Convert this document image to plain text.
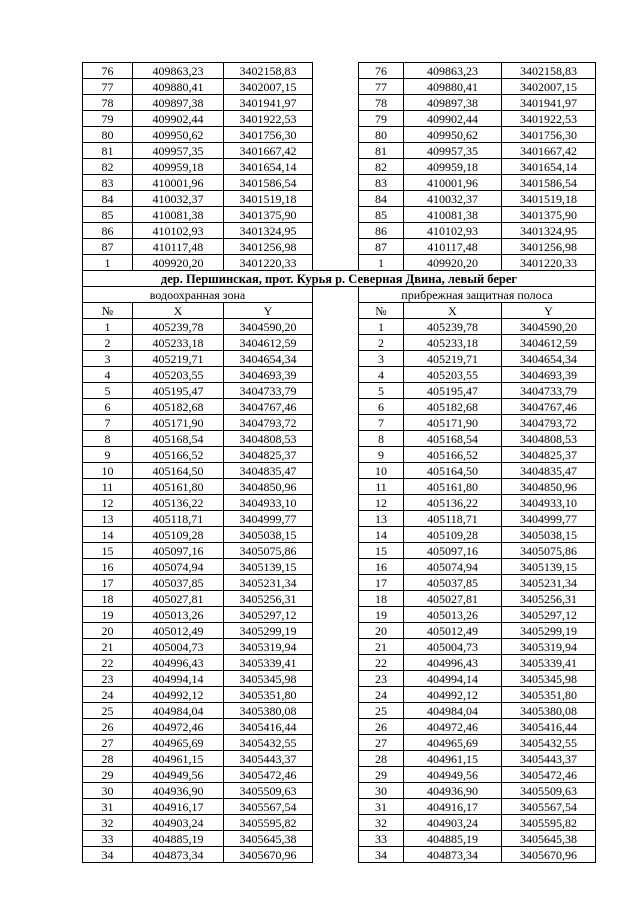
76	409863,23	3402158,83		76	409863,23	3402158,83
77	409880,41	3402007,15		77	409880,41	3402007,15
78	409897,38	3401941,97		78	409897,38	3401941,97
79	409902,44	3401922,53		79	409902,44	3401922,53
80	409950,62	3401756,30		80	409950,62	3401756,30
81	409957,35	3401667,42		81	409957,35	3401667,42
82	409959,18	3401654,14		82	409959,18	3401654,14
83	410001,96	3401586,54		83	410001,96	3401586,54
84	410032,37	3401519,18		84	410032,37	3401519,18
85	410081,38	3401375,90		85	410081,38	3401375,90
86	410102,93	3401324,95		86	410102,93	3401324,95
87	410117,48	3401256,98		87	410117,48	3401256,98
1	409920,20	3401220,33		1	409920,20	3401220,33
дер. Першинская, прот. Курья р. Северная Двина, левый берег						
водоохранная зона				прибрежная защитная полоса		
№	X	Y		№	X	Y
1	405239,78	3404590,20		1	405239,78	3404590,20
2	405233,18	3404612,59		2	405233,18	3404612,59
3	405219,71	3404654,34		3	405219,71	3404654,34
4	405203,55	3404693,39		4	405203,55	3404693,39
5	405195,47	3404733,79		5	405195,47	3404733,79
6	405182,68	3404767,46		6	405182,68	3404767,46
7	405171,90	3404793,72		7	405171,90	3404793,72
8	405168,54	3404808,53		8	405168,54	3404808,53
9	405166,52	3404825,37		9	405166,52	3404825,37
10	405164,50	3404835,47		10	405164,50	3404835,47
11	405161,80	3404850,96		11	405161,80	3404850,96
12	405136,22	3404933,10		12	405136,22	3404933,10
13	405118,71	3404999,77		13	405118,71	3404999,77
14	405109,28	3405038,15		14	405109,28	3405038,15
15	405097,16	3405075,86		15	405097,16	3405075,86
16	405074,94	3405139,15		16	405074,94	3405139,15
17	405037,85	3405231,34		17	405037,85	3405231,34
18	405027,81	3405256,31		18	405027,81	3405256,31
19	405013,26	3405297,12		19	405013,26	3405297,12
20	405012,49	3405299,19		20	405012,49	3405299,19
21	405004,73	3405319,94		21	405004,73	3405319,94
22	404996,43	3405339,41		22	404996,43	3405339,41
23	404994,14	3405345,98		23	404994,14	3405345,98
24	404992,12	3405351,80		24	404992,12	3405351,80
25	404984,04	3405380,08		25	404984,04	3405380,08
26	404972,46	3405416,44		26	404972,46	3405416,44
27	404965,69	3405432,55		27	404965,69	3405432,55
28	404961,15	3405443,37		28	404961,15	3405443,37
29	404949,56	3405472,46		29	404949,56	3405472,46
30	404936,90	3405509,63		30	404936,90	3405509,63
31	404916,17	3405567,54		31	404916,17	3405567,54
32	404903,24	3405595,82		32	404903,24	3405595,82
33	404885,19	3405645,38		33	404885,19	3405645,38
34	404873,34	3405670,96		34	404873,34	3405670,96
